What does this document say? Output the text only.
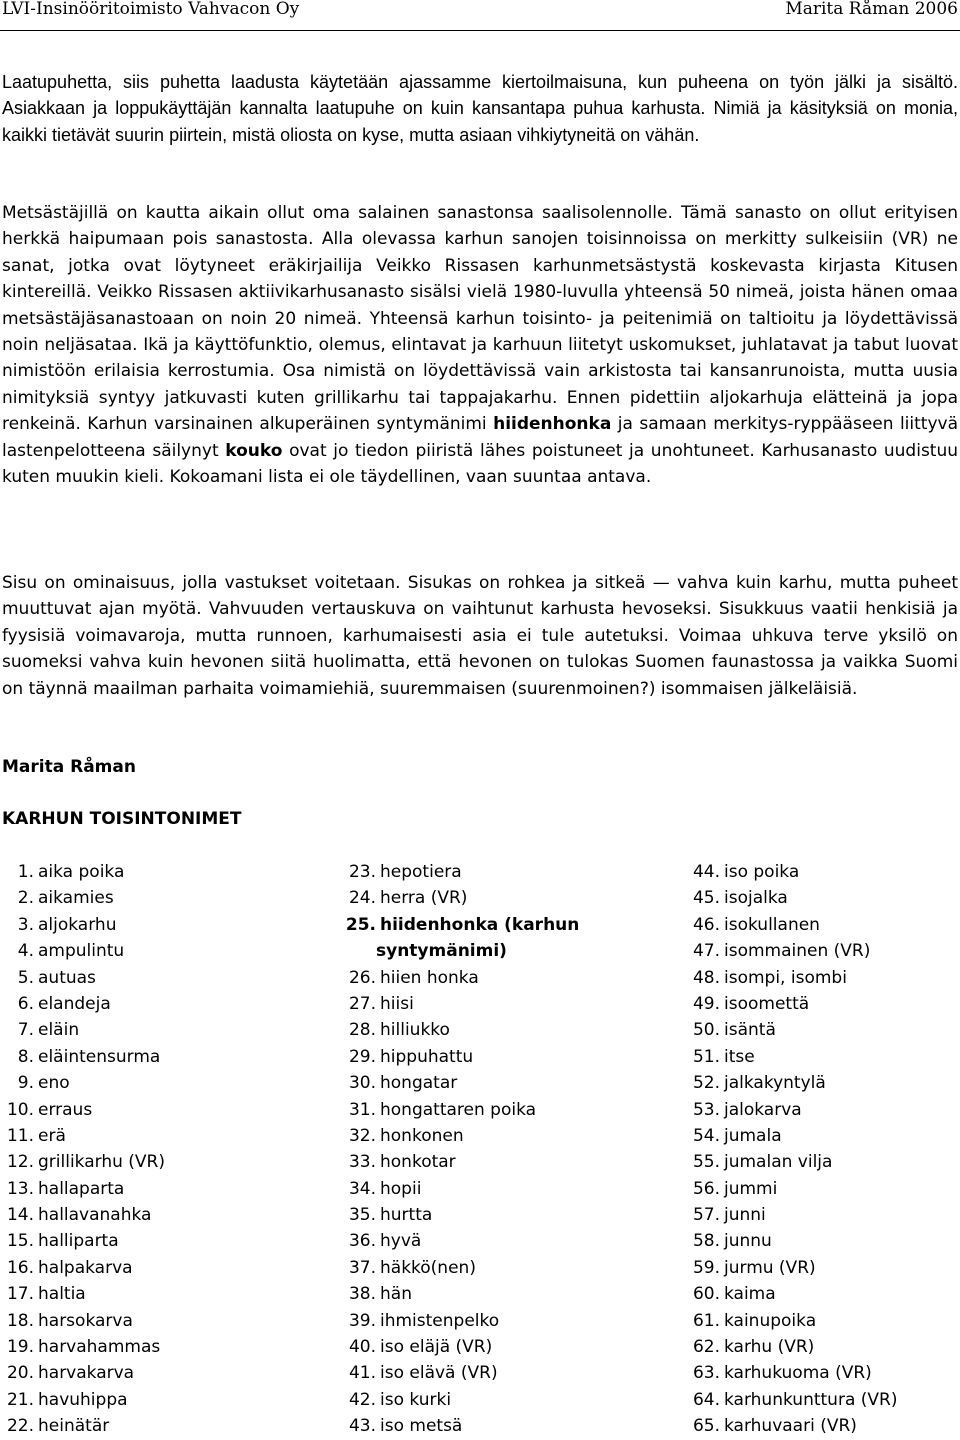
LVI-Insinööritoimisto Vahvacon Oy	Marita Råman 2006

Laatupuhetta, siis puhetta laadusta käytetään ajassamme kiertoilmaisuna, kun puheena on työn jälki ja sisältö. Asiakkaan ja loppukäyttäjän kannalta laatupuhe on kuin kansantapa puhua karhusta. Nimiä ja käsityksiä on monia, kaikki tietävät suurin piirtein, mistä oliosta on kyse, mutta asiaan vihkiytyneitä on vähän.

Metsästäjillä on kautta aikain ollut oma salainen sanastonsa saalisolennolle. Tämä sanasto on ollut erityisen herkkä haipumaan pois sanastosta. Alla olevassa karhun sanojen toisinnoissa on merkitty sulkeisiin (VR) ne sanat, jotka ovat löytyneet eräkirjailija Veikko Rissasen karhunmetsästystä koskevasta kirjasta Kitusen kintereillä. Veikko Rissasen aktiivikarhusanasto sisälsi vielä 1980-luvulla yhteensä 50 nimeä, joista hänen omaa metsästäjäsanastoaan on noin 20 nimeä. Yhteensä karhun toisinto- ja peitenimiä on taltioitu ja löydettävissä noin neljäsataa. Ikä ja käyttöfunktio, olemus, elintavat ja karhuun liitetyt uskomukset, juhlatavat ja tabut luovat nimistöön erilaisia kerrostumia. Osa nimistä on löydettävissä vain arkistosta tai kansanrunoista, mutta uusia nimityksiä syntyy jatkuvasti kuten grillikarhu tai tappajakarhu. Ennen pidettiin aljokarhuja elätteinä ja jopa renkeinä. Karhun varsinainen alkuperäinen syntymänimi hiidenhonka ja samaan merkitys-ryppääseen liittyvä lastenpelotteena säilynyt kouko ovat jo tiedon piiristä lähes poistuneet ja unohtuneet. Karhusanasto uudistuu kuten muukin kieli. Kokoamani lista ei ole täydellinen, vaan suuntaa antava.

Sisu on ominaisuus, jolla vastukset voitetaan. Sisukas on rohkea ja sitkeä — vahva kuin karhu, mutta puheet muuttuvat ajan myötä. Vahvuuden vertauskuva on vaihtunut karhusta hevoseksi. Sisukkuus vaatii henkisiä ja fyysisiä voimavaroja, mutta runnoen, karhumaisesti asia ei tule autetuksi. Voimaa uhkuva terve yksilö on suomeksi vahva kuin hevonen siitä huolimatta, että hevonen on tulokas Suomen faunastossa ja vaikka Suomi on täynnä maailman parhaita voimamiehiä, suuremmaisen (suurenmoinen?) isommaisen jälkeläisiä.

Marita Råman
KARHUN TOISINTONIMET
1. aika poika
2. aikamies
3. aljokarhu
4. ampulintu
5. autuas
6. elandeja
7. eläin
8. eläintensurma
9. eno
10. erraus
11. erä
12. grillikarhu (VR)
13. hallaparta
14. hallavanahka
15. halliparta
16. halpakarva
17. haltia
18. harsokarva
19. harvahammas
20. harvakarva
21. havuhippa
22. heinätär
23. hepotiera
24. herra (VR)
25. hiidenhonka (karhun
syntymänimi)
26. hiien honka
27. hiisi
28. hilliukko
29. hippuhattu
30. hongatar
31. hongattaren poika
32. honkonen
33. honkotar
34. hopii
35. hurtta
36. hyvä
37. häkkö(nen)
38. hän
39. ihmistenpelko
40. iso eläjä (VR)
41. iso elävä (VR)
42. iso kurki
43. iso metsä
44. iso poika
45. isojalka
46. isokullanen
47. isommainen (VR)
48. isompi, isombi
49. isoomettä
50. isäntä
51. itse
52. jalkakyntylä
53. jalokarva
54. jumala
55. jumalan vilja
56. jummi
57. junni
58. junnu
59. jurmu (VR)
60. kaima
61. kainupoika
62. karhu (VR)
63. karhukuoma (VR)
64. karhunkunttura (VR)
65. karhuvaari (VR)
